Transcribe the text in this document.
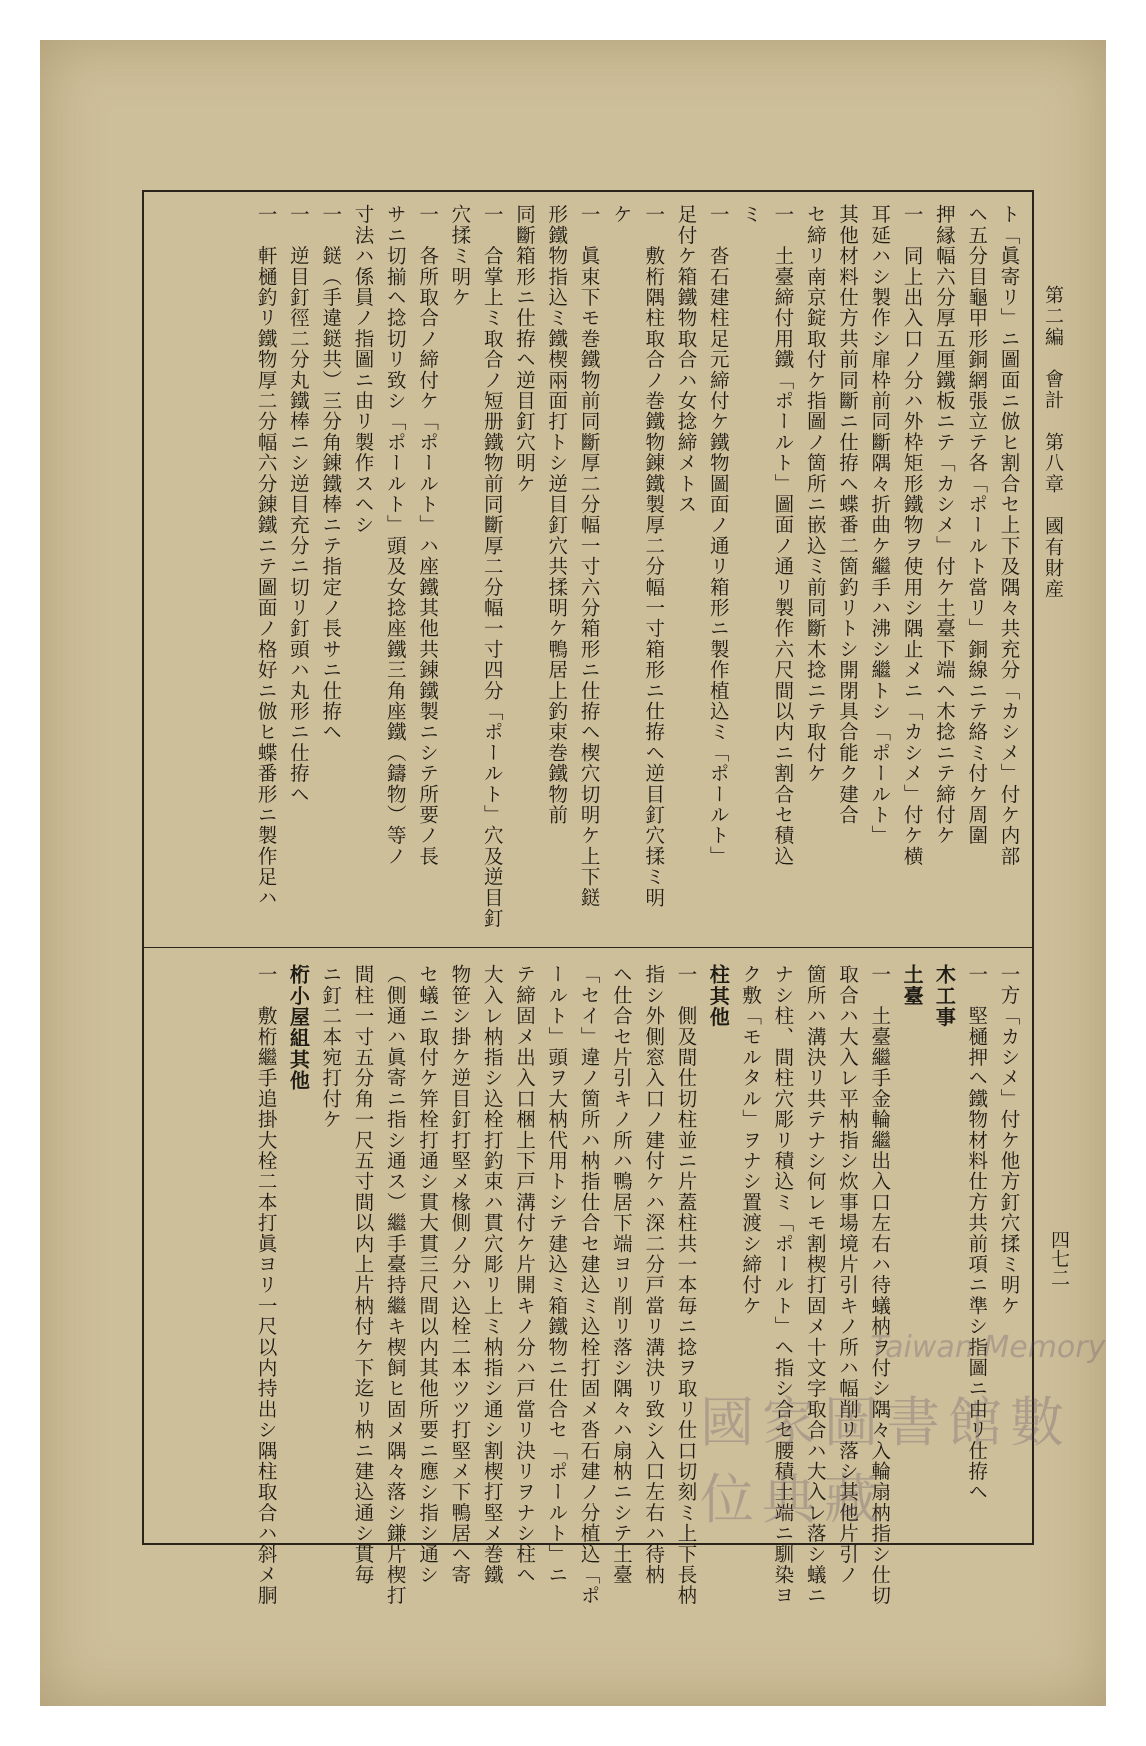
第二編　會計　第八章　國有財産
四七二
ト「眞寄リ」ニ圖面ニ倣ヒ割合セ上下及隅々共充分「カシメ」付ケ内部
ヘ五分目龜甲形銅網張立テ各「ポールト當リ」銅線ニテ絡ミ付ケ周圍
押縁幅六分厚五厘鐵板ニテ「カシメ」付ケ土臺下端ヘ木捻ニテ締付ケ
一　同上出入口ノ分ハ外枠矩形鐵物ヲ使用シ隅止メニ「カシメ」付ケ横
耳延ハシ製作シ扉枠前同斷隅々折曲ケ繼手ハ沸シ繼トシ「ポールト」
其他材料仕方共前同斷ニ仕拵ヘ蝶番二箇釣リトシ開閉具合能ク建合
セ締リ南京錠取付ケ指圖ノ箇所ニ嵌込ミ前同斷木捻ニテ取付ケ
一　土臺締付用鐵「ポールト」圖面ノ通リ製作六尺間以内ニ割合セ積込
ミ
一　沓石建柱足元締付ケ鐵物圖面ノ通リ箱形ニ製作植込ミ「ポールト」
足付ケ箱鐵物取合ハ女捻締メトス
一　敷桁隅柱取合ノ巻鐵物錬鐵製厚二分幅一寸箱形ニ仕拵ヘ逆目釘穴揉ミ明
ケ
一　眞束下モ巻鐵物前同斷厚二分幅一寸六分箱形ニ仕拵ヘ楔穴切明ケ上下鎹
形鐵物指込ミ鐵楔兩面打トシ逆目釘穴共揉明ケ鴨居上釣束巻鐵物前
同斷箱形ニ仕拵ヘ逆目釘穴明ケ
一　合掌上ミ取合ノ短册鐵物前同斷厚二分幅一寸四分「ポールト」穴及逆目釘
穴揉ミ明ケ
一　各所取合ノ締付ケ「ポールト」ハ座鐵其他共錬鐵製ニシテ所要ノ長
サニ切揃ヘ捻切リ致シ「ポールト」頭及女捻座鐵三角座鐵（鑄物）等ノ
寸法ハ係員ノ指圖ニ由リ製作スヘシ
一　鎹（手違鎹共）三分角錬鐵棒ニテ指定ノ長サニ仕拵ヘ
一　逆目釘徑二分丸鐵棒ニシ逆目充分ニ切リ釘頭ハ丸形ニ仕拵ヘ
一　軒樋釣リ鐵物厚二分幅六分錬鐵ニテ圖面ノ格好ニ倣ヒ蝶番形ニ製作足ハ
一方「カシメ」付ケ他方釘穴揉ミ明ケ
一　堅樋押ヘ鐵物材料仕方共前項ニ準シ指圖ニ由リ仕拵ヘ
木工事
土臺
一　土臺繼手金輪繼出入口左右ハ待蟻枘ヲ付シ隅々入輪扇枘指シ仕切
取合ハ大入レ平枘指シ炊事場境片引キノ所ハ幅削リ落シ其他片引ノ
箇所ハ溝決リ共テナシ何レモ割楔打固メ十文字取合ハ大入レ落シ蟻ニ
ナシ柱、間柱穴彫リ積込ミ「ポールト」ヘ指シ合セ腰積土端ニ馴染ヨ
ク敷「モルタル」ヲナシ置渡シ締付ケ
柱其他
一　側及間仕切柱並ニ片蓋柱共一本毎ニ捻ヲ取リ仕口切刻ミ上下長枘
指シ外側窓入口ノ建付ケハ深二分戸當リ溝決リ致シ入口左右ハ待枘
ヘ仕合セ片引キノ所ハ鴨居下端ヨリ削リ落シ隅々ハ扇枘ニシテ土臺
「セイ」違ノ箇所ハ枘指仕合セ建込ミ込栓打固メ沓石建ノ分植込「ポ
ールト」頭ヲ大枘代用トシテ建込ミ箱鐵物ニ仕合セ「ポールト」ニ
テ締固メ出入口梱上下戸溝付ケ片開キノ分ハ戸當リ決リヲナシ柱ヘ
大入レ枘指シ込栓打釣束ハ貫穴彫リ上ミ枘指シ通シ割楔打堅メ巻鐵
物笹シ掛ケ逆目釘打堅メ椽側ノ分ハ込栓二本ツツ打堅メ下鴨居ヘ寄
セ蟻ニ取付ケ笄栓打通シ貫大貫三尺間以内其他所要ニ應シ指シ通シ
（側通ハ眞寄ニ指シ通ス）繼手臺持繼キ楔飼ヒ固メ隅々落シ鎌片楔打
間柱一寸五分角一尺五寸間以内上片枘付ケ下迄リ枘ニ建込通シ貫毎
ニ釘二本宛打付ケ
桁小屋組其他
一　敷桁繼手追掛大栓二本打眞ヨリ一尺以内持出シ隅柱取合ハ斜メ胴	Taiwan Memory
國家圖書館數位典藏
